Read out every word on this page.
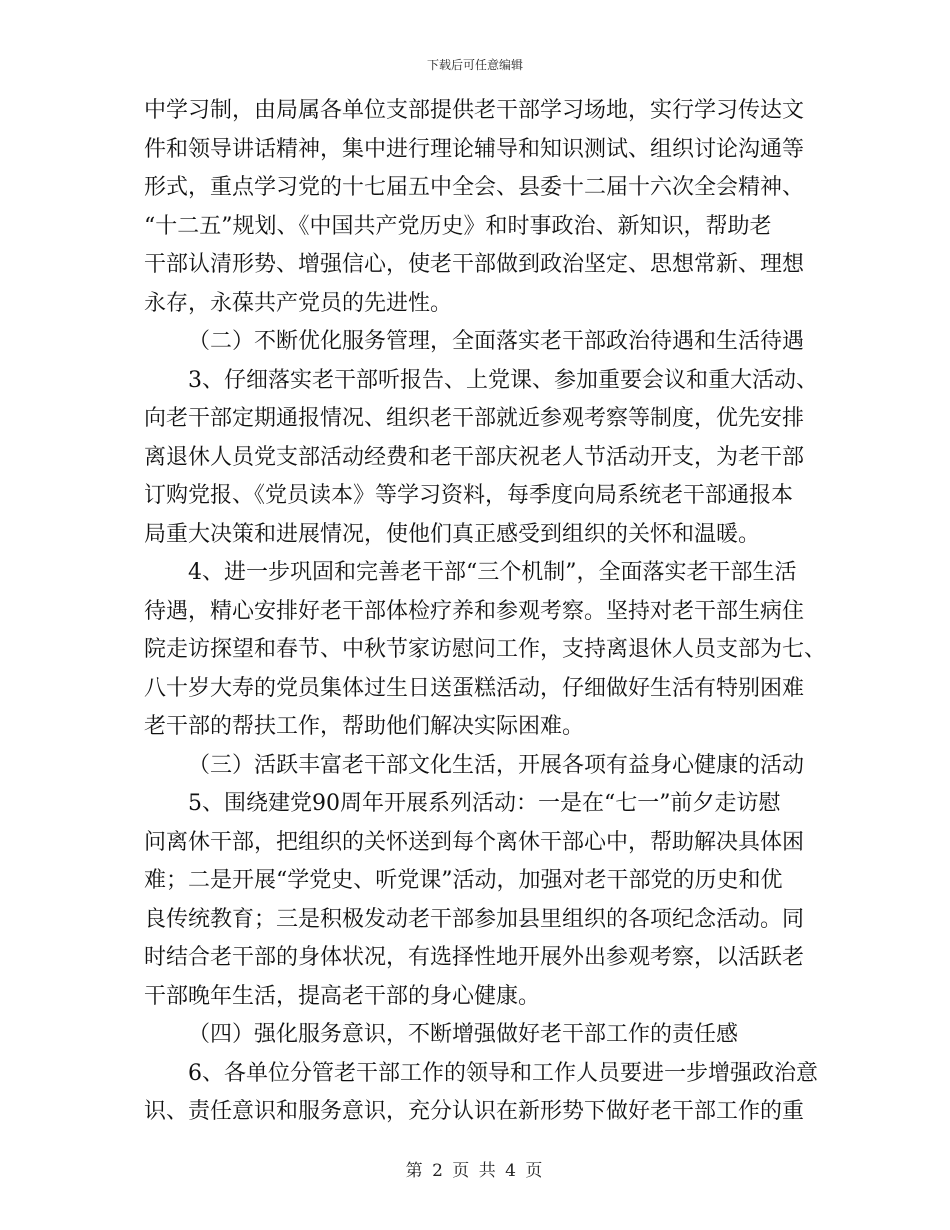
下载后可任意编辑
中学习制，由局属各单位支部提供老干部学习场地，实行学习传达文
件和领导讲话精神，集中进行理论辅导和知识测试、组织讨论沟通等
形式，重点学习党的十七届五中全会、县委十二届十六次全会精神、
“十二五”规划、《中国共产党历史》和时事政治、新知识，帮助老
干部认清形势、增强信心，使老干部做到政治坚定、思想常新、理想
永存，永葆共产党员的先进性。
（二）不断优化服务管理，全面落实老干部政治待遇和生活待遇
3、仔细落实老干部听报告、上党课、参加重要会议和重大活动、
向老干部定期通报情况、组织老干部就近参观考察等制度，优先安排
离退休人员党支部活动经费和老干部庆祝老人节活动开支，为老干部
订购党报、《党员读本》等学习资料，每季度向局系统老干部通报本
局重大决策和进展情况，使他们真正感受到组织的关怀和温暖。
4、进一步巩固和完善老干部“三个机制”，全面落实老干部生活
待遇，精心安排好老干部体检疗养和参观考察。坚持对老干部生病住
院走访探望和春节、中秋节家访慰问工作，支持离退休人员支部为七、
八十岁大寿的党员集体过生日送蛋糕活动，仔细做好生活有特别困难
老干部的帮扶工作，帮助他们解决实际困难。
（三）活跃丰富老干部文化生活，开展各项有益身心健康的活动
5、围绕建党90周年开展系列活动：一是在“七一”前夕走访慰
问离休干部，把组织的关怀送到每个离休干部心中，帮助解决具体困
难；二是开展“学党史、听党课”活动，加强对老干部党的历史和优
良传统教育；三是积极发动老干部参加县里组织的各项纪念活动。同
时结合老干部的身体状况，有选择性地开展外出参观考察，以活跃老
干部晚年生活，提高老干部的身心健康。
（四）强化服务意识，不断增强做好老干部工作的责任感
6、各单位分管老干部工作的领导和工作人员要进一步增强政治意
识、责任意识和服务意识，充分认识在新形势下做好老干部工作的重
第 2 页 共 4 页
